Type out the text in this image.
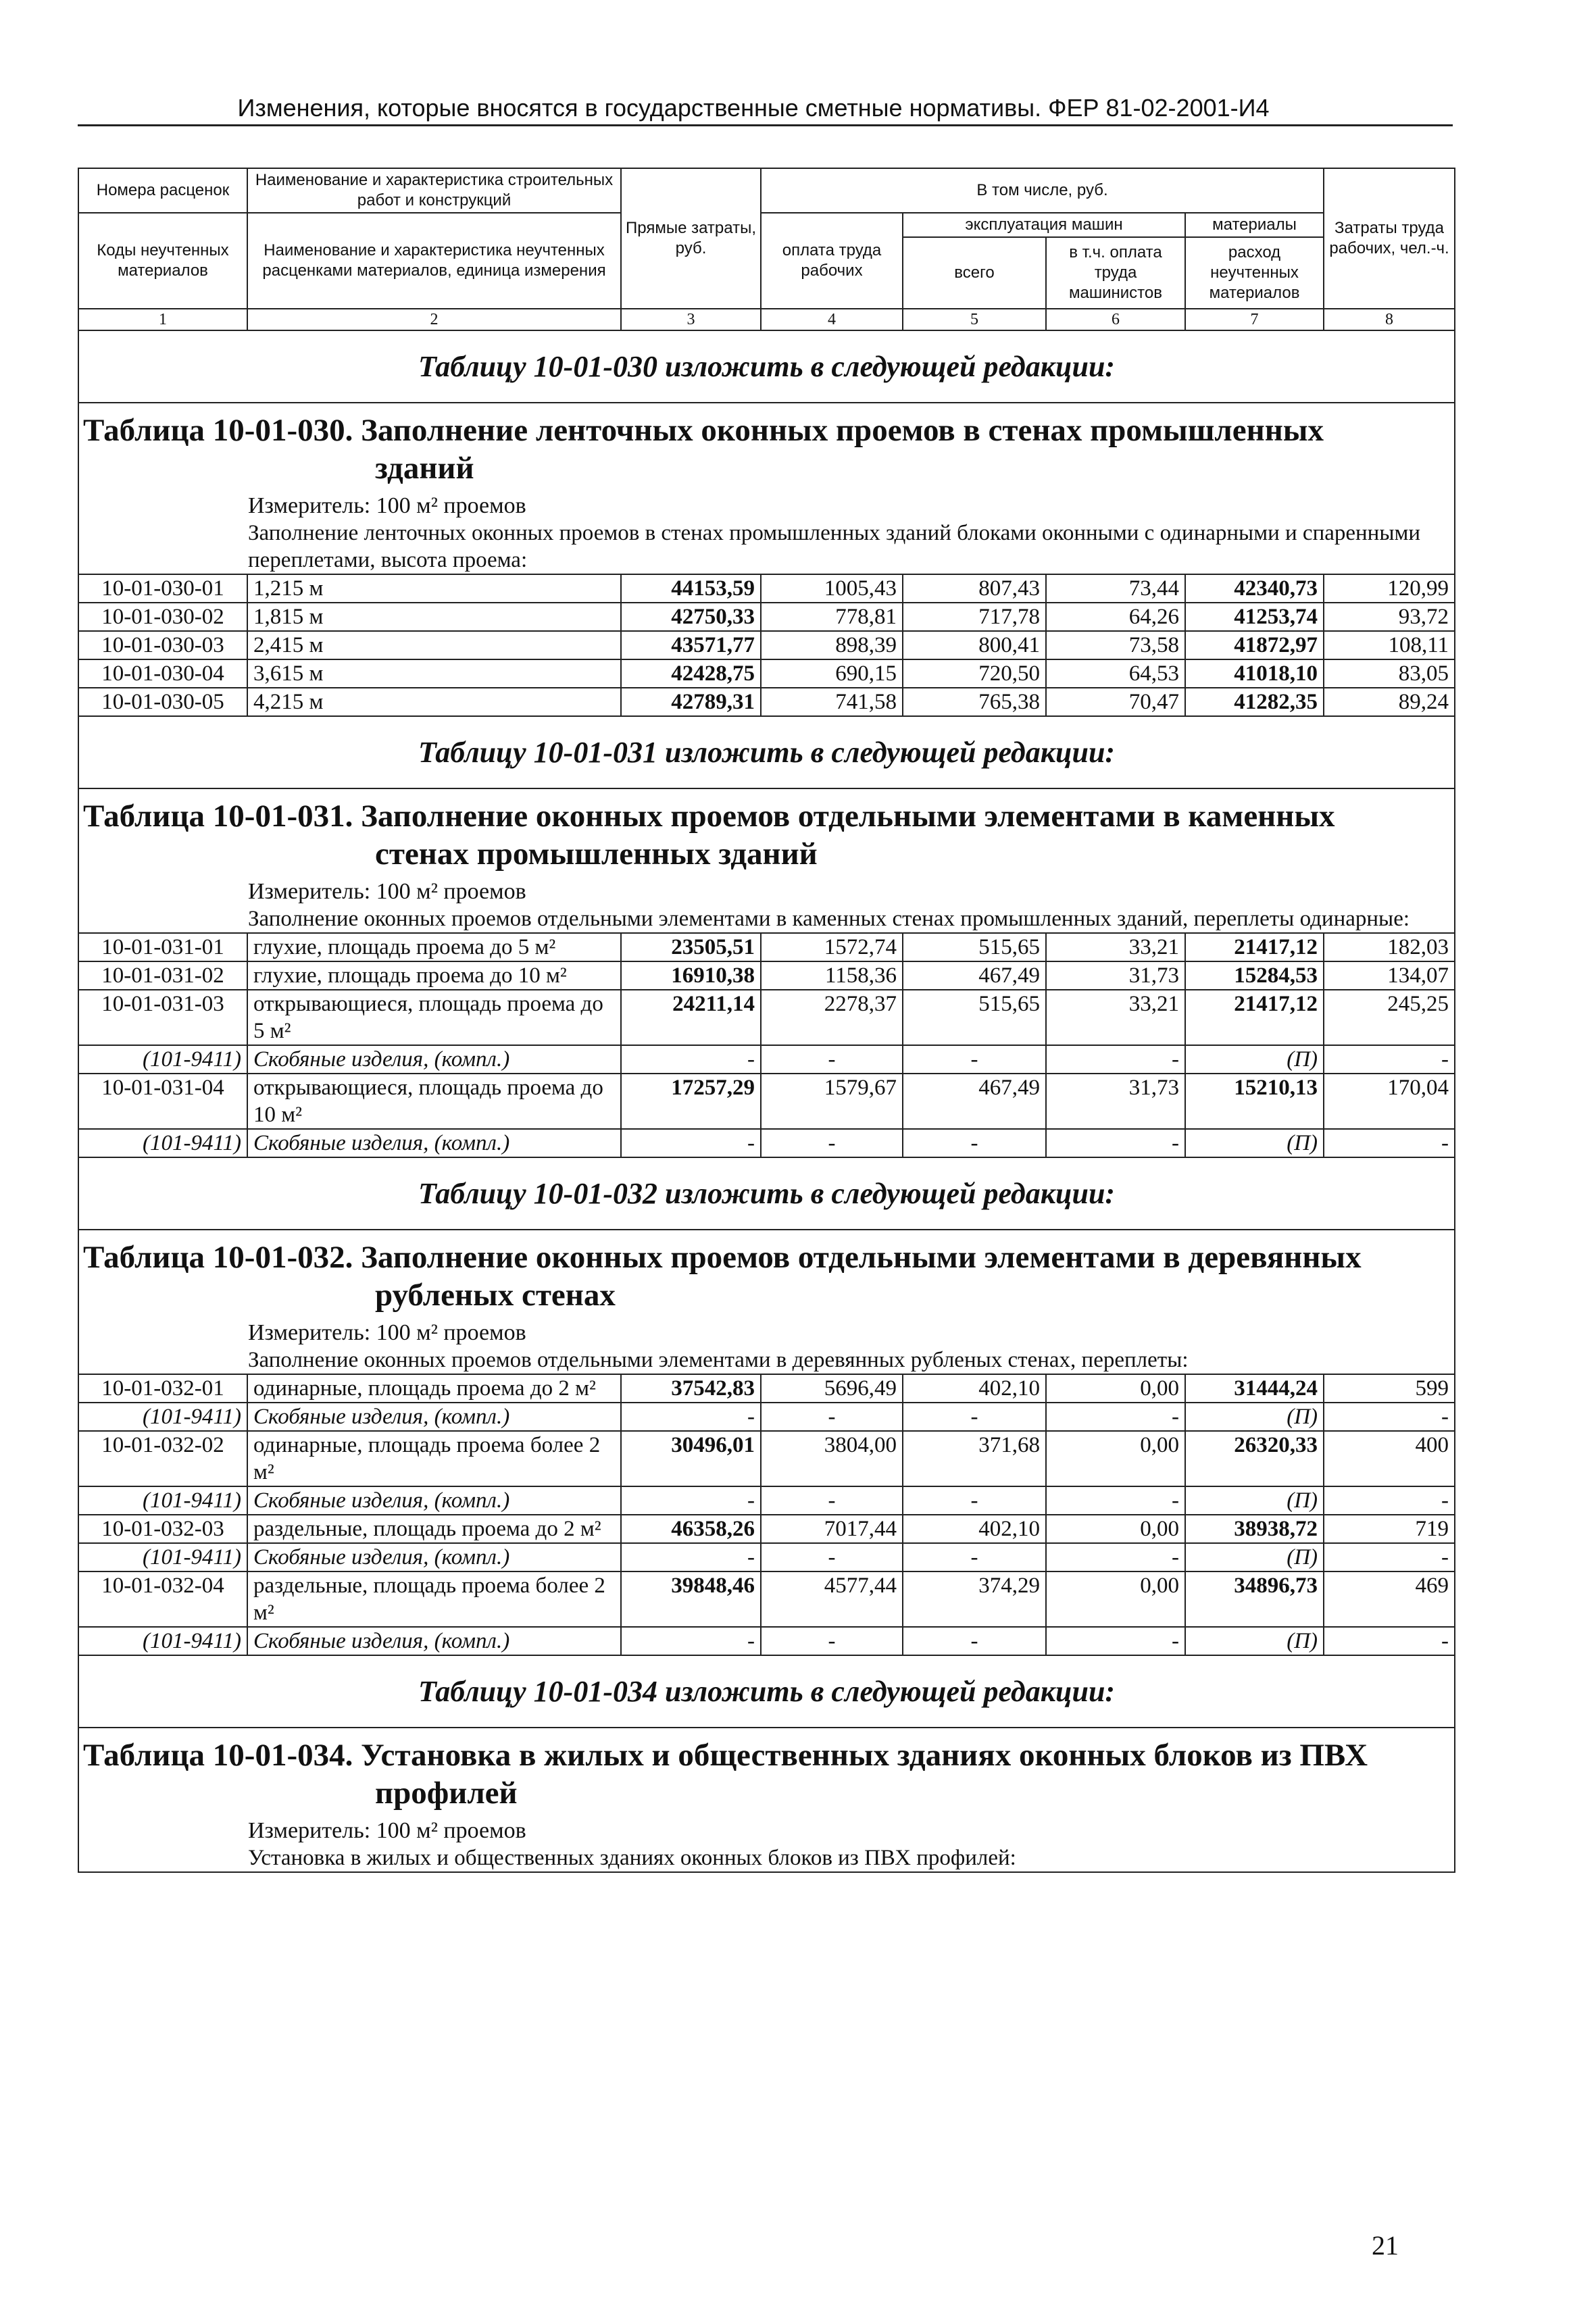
Изменения, которые вносятся в государственные сметные нормативы. ФЕР 81-02-2001-И4
Номера расценок	Наименование и характеристика строительных работ и конструкций	Прямые затраты, руб.	В том числе, руб.				Затраты труда рабочих, чел.-ч.
Коды неучтенных материалов	Наименование и характеристика неучтенных расценками материалов, единица измерения		оплата труда рабочих	эксплуатация машин		материалы	
				всего	в т.ч. оплата труда машинистов	расход неучтенных материалов	
1	2	3	4	5	6	7	8
Таблицу 10-01-030 изложить в следующей редакции:							

Таблица 10-01-030. Заполнение ленточных оконных проемов в стенах промышленных
зданий							

Измеритель: 100 м² проемов							
Заполнение ленточных оконных проемов в стенах промышленных зданий блоками оконными с одинарными и спаренными переплетами, высота проема:							
10-01-030-01	1,215 м	44153,59	1005,43	807,43	73,44	42340,73	120,99
10-01-030-02	1,815 м	42750,33	778,81	717,78	64,26	41253,74	93,72
10-01-030-03	2,415 м	43571,77	898,39	800,41	73,58	41872,97	108,11
10-01-030-04	3,615 м	42428,75	690,15	720,50	64,53	41018,10	83,05
10-01-030-05	4,215 м	42789,31	741,58	765,38	70,47	41282,35	89,24
Таблицу 10-01-031 изложить в следующей редакции:							

Таблица 10-01-031. Заполнение оконных проемов отдельными элементами в каменных
стенах промышленных зданий							

Измеритель: 100 м² проемов							
Заполнение оконных проемов отдельными элементами в каменных стенах промышленных зданий, переплеты одинарные:							
10-01-031-01	глухие, площадь проема до 5 м²	23505,51	1572,74	515,65	33,21	21417,12	182,03
10-01-031-02	глухие, площадь проема до 10 м²	16910,38	1158,36	467,49	31,73	15284,53	134,07
10-01-031-03	открывающиеся, площадь проема до 5 м²	24211,14	2278,37	515,65	33,21	21417,12	245,25
(101-9411)	Скобяные изделия, (компл.)	-	-	-	-	(П)	-
10-01-031-04	открывающиеся, площадь проема до 10 м²	17257,29	1579,67	467,49	31,73	15210,13	170,04
(101-9411)	Скобяные изделия, (компл.)	-	-	-	-	(П)	-
Таблицу 10-01-032 изложить в следующей редакции:							

Таблица 10-01-032. Заполнение оконных проемов отдельными элементами в деревянных
рубленых стенах							

Измеритель: 100 м² проемов							
Заполнение оконных проемов отдельными элементами в деревянных рубленых стенах, переплеты:							
10-01-032-01	одинарные, площадь проема до 2 м²	37542,83	5696,49	402,10	0,00	31444,24	599
(101-9411)	Скобяные изделия, (компл.)	-	-	-	-	(П)	-
10-01-032-02	одинарные, площадь проема более 2 м²	30496,01	3804,00	371,68	0,00	26320,33	400
(101-9411)	Скобяные изделия, (компл.)	-	-	-	-	(П)	-
10-01-032-03	раздельные, площадь проема до 2 м²	46358,26	7017,44	402,10	0,00	38938,72	719
(101-9411)	Скобяные изделия, (компл.)	-	-	-	-	(П)	-
10-01-032-04	раздельные, площадь проема более 2 м²	39848,46	4577,44	374,29	0,00	34896,73	469
(101-9411)	Скобяные изделия, (компл.)	-	-	-	-	(П)	-
Таблицу 10-01-034 изложить в следующей редакции:							

Таблица 10-01-034. Установка в жилых и общественных зданиях оконных блоков из ПВХ
профилей							

Измеритель: 100 м² проемов							
Установка в жилых и общественных зданиях оконных блоков из ПВХ профилей:							
21
